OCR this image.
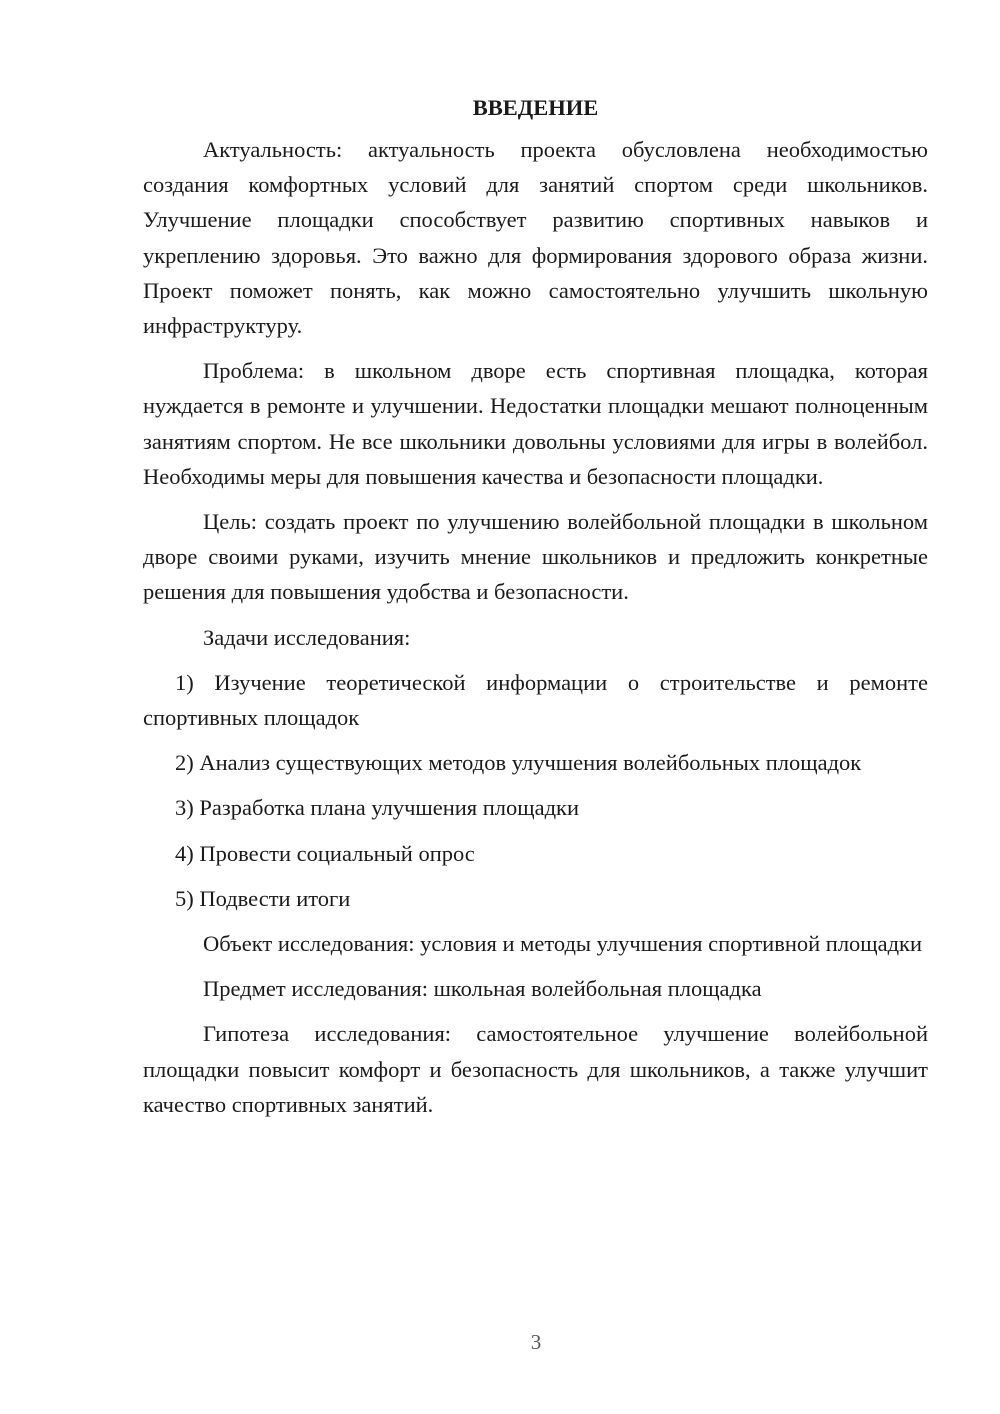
ВВЕДЕНИЕ

Актуальность: актуальность проекта обусловлена необходимостью создания комфортных условий для занятий спортом среди школьников. Улучшение площадки способствует развитию спортивных навыков и укреплению здоровья. Это важно для формирования здорового образа жизни. Проект поможет понять, как можно самостоятельно улучшить школьную инфраструктуру.

Проблема: в школьном дворе есть спортивная площадка, которая нуждается в ремонте и улучшении. Недостатки площадки мешают полноценным занятиям спортом. Не все школьники довольны условиями для игры в волейбол. Необходимы меры для повышения качества и безопасности площадки.

Цель: создать проект по улучшению волейбольной площадки в школьном дворе своими руками, изучить мнение школьников и предложить конкретные решения для повышения удобства и безопасности.

Задачи исследования:

1) Изучение теоретической информации о строительстве и ремонте спортивных площадок

2) Анализ существующих методов улучшения волейбольных площадок

3) Разработка плана улучшения площадки

4) Провести социальный опрос

5) Подвести итоги

Объект исследования: условия и методы улучшения спортивной площадки

Предмет исследования: школьная волейбольная площадка

Гипотеза исследования: самостоятельное улучшение волейбольной площадки повысит комфорт и безопасность для школьников, а также улучшит качество спортивных занятий.

3
